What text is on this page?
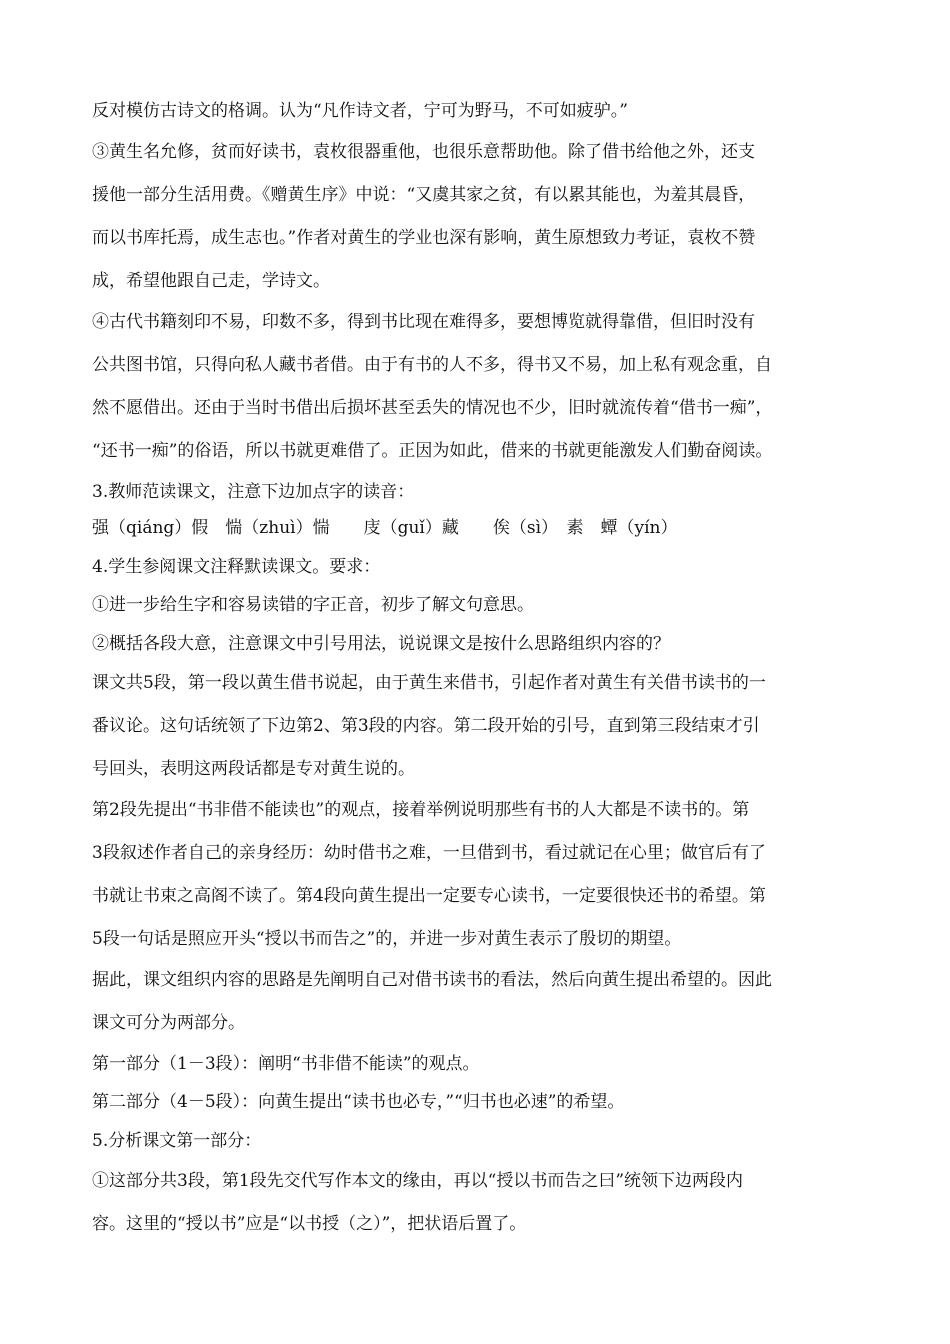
反对模仿古诗文的格调。认为“凡作诗文者，宁可为野马，不可如疲驴。”
③黄生名允修，贫而好读书，袁枚很器重他，也很乐意帮助他。除了借书给他之外，还支
援他一部分生活用费。《赠黄生序》中说：“又虞其家之贫，有以累其能也，为羞其晨昏，
而以书库托焉，成生志也。”作者对黄生的学业也深有影响，黄生原想致力考证，袁枚不赞
成，希望他跟自己走，学诗文。
④古代书籍刻印不易，印数不多，得到书比现在难得多，要想博览就得靠借，但旧时没有
公共图书馆，只得向私人藏书者借。由于有书的人不多，得书又不易，加上私有观念重，自
然不愿借出。还由于当时书借出后损坏甚至丢失的情况也不少，旧时就流传着“借书一痴”，
“还书一痴”的俗语，所以书就更难借了。正因为如此，借来的书就更能激发人们勤奋阅读。
3.教师范读课文，注意下边加点字的读音：
强（qiáng）假　惴（zhuì）惴　　庋（guǐ）藏　　俟（sì）　素　蟫（yín）
4.学生参阅课文注释默读课文。要求：
①进一步给生字和容易读错的字正音，初步了解文句意思。
②概括各段大意，注意课文中引号用法，说说课文是按什么思路组织内容的？
课文共5段，第一段以黄生借书说起，由于黄生来借书，引起作者对黄生有关借书读书的一
番议论。这句话统领了下边第2、第3段的内容。第二段开始的引号，直到第三段结束才引
号回头，表明这两段话都是专对黄生说的。
第2段先提出“书非借不能读也”的观点，接着举例说明那些有书的人大都是不读书的。第
3段叙述作者自己的亲身经历：幼时借书之难，一旦借到书，看过就记在心里；做官后有了
书就让书束之高阁不读了。第4段向黄生提出一定要专心读书，一定要很快还书的希望。第
5段一句话是照应开头“授以书而告之”的，并进一步对黄生表示了殷切的期望。
据此，课文组织内容的思路是先阐明自己对借书读书的看法，然后向黄生提出希望的。因此
课文可分为两部分。
第一部分（1－3段）：阐明“书非借不能读”的观点。
第二部分（4－5段）：向黄生提出“读书也必专，”“归书也必速”的希望。
5.分析课文第一部分：
①这部分共3段，第1段先交代写作本文的缘由，再以“授以书而告之曰”统领下边两段内
容。这里的“授以书”应是“以书授（之）”，把状语后置了。
